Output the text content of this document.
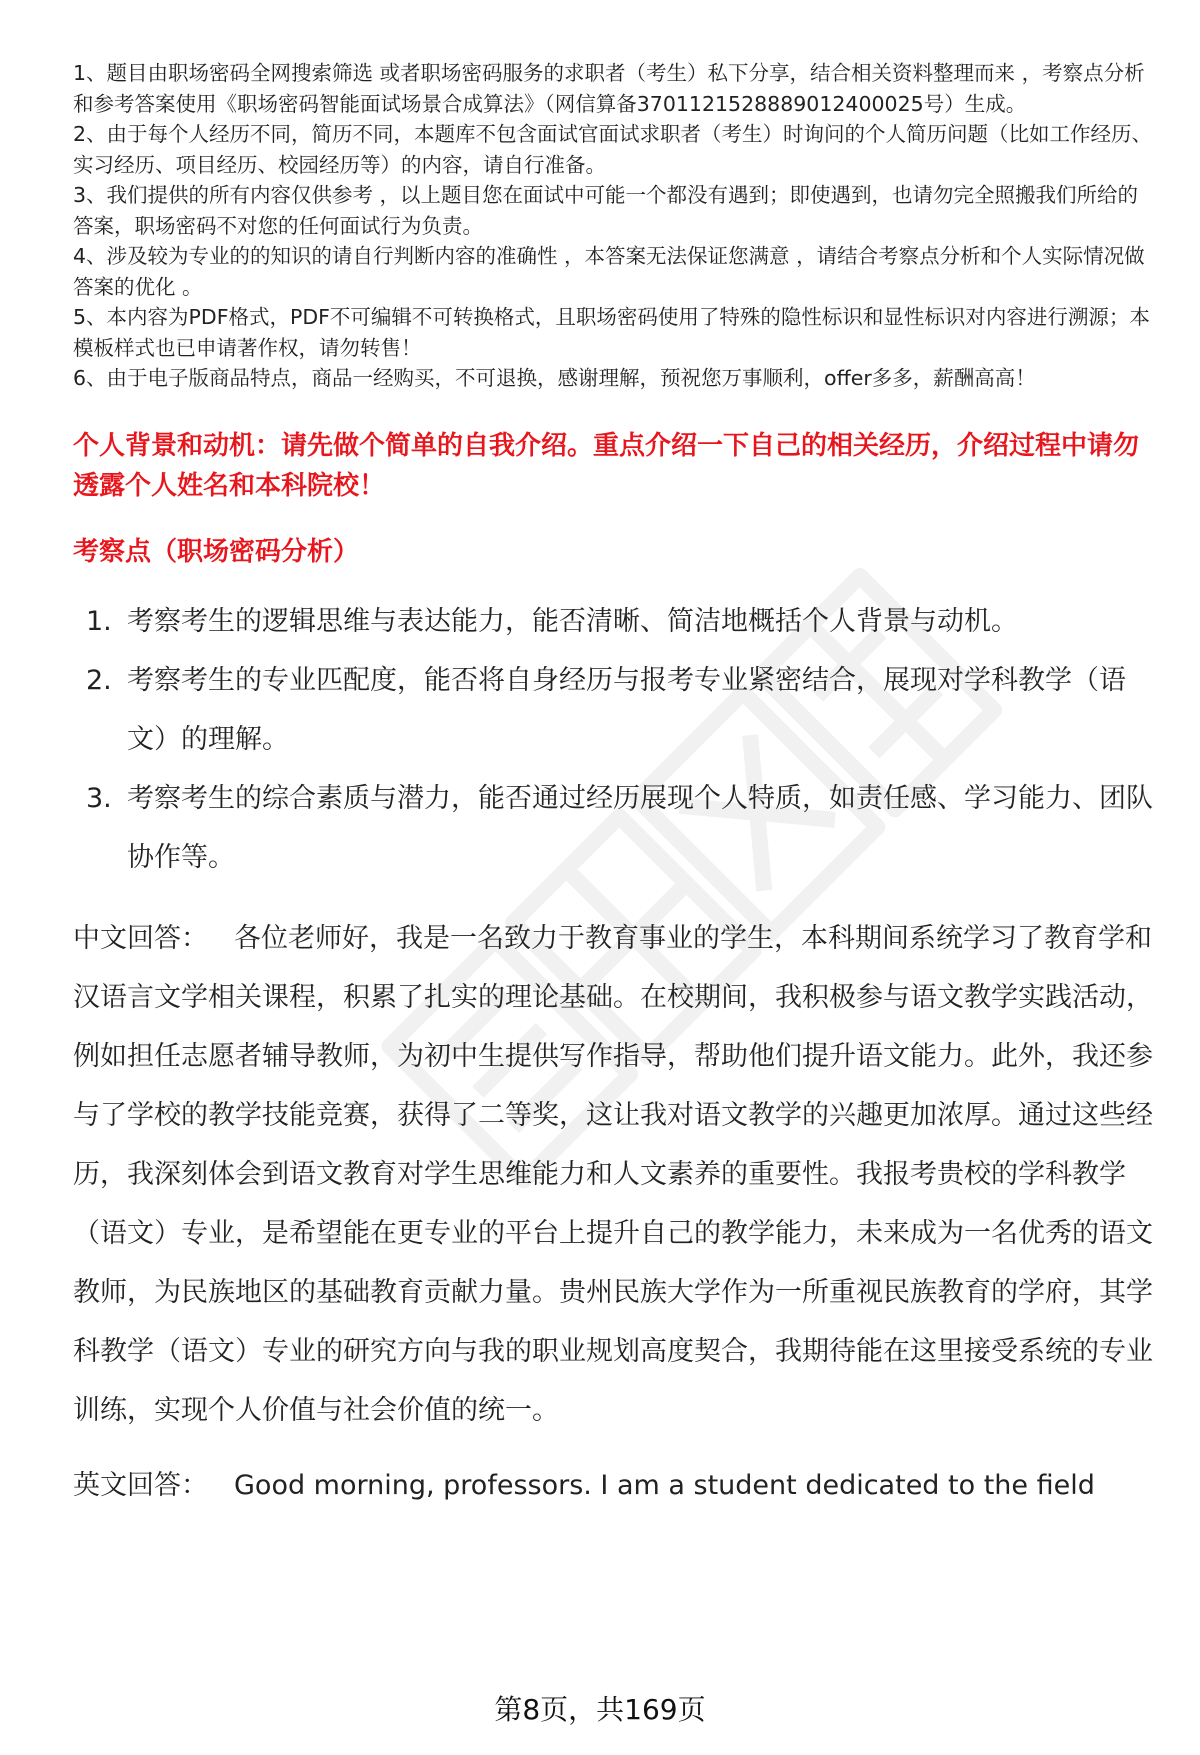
1、题目由职场密码全网搜索筛选 或者职场密码服务的求职者（考生）私下分享，结合相关资料整理而来 ，考察点分析和参考答案使用《职场密码智能面试场景合成算法》（网信算备3701121528889012400025号）生成。

2、由于每个人经历不同，简历不同，本题库不包含面试官面试求职者（考生）时询问的个人简历问题（比如工作经历、实习经历、项目经历、校园经历等）的内容，请自行准备。

3、我们提供的所有内容仅供参考 ，以上题目您在面试中可能一个都没有遇到；即使遇到，也请勿完全照搬我们所给的答案，职场密码不对您的任何面试行为负责。

4、涉及较为专业的的知识的请自行判断内容的准确性 ，本答案无法保证您满意 ，请结合考察点分析和个人实际情况做答案的优化 。

5、本内容为PDF格式，PDF不可编辑不可转换格式，且职场密码使用了特殊的隐性标识和显性标识对内容进行溯源；本模板样式也已申请著作权，请勿转售！

6、由于电子版商品特点，商品一经购买，不可退换，感谢理解，预祝您万事顺利，offer多多，薪酬高高！

个人背景和动机：请先做个简单的自我介绍。重点介绍一下自己的相关经历，介绍过程中请勿透露个人姓名和本科院校！
考察点（职场密码分析）
1. 考察考生的逻辑思维与表达能力，能否清晰、简洁地概括个人背景与动机。
2. 考察考生的专业匹配度，能否将自身经历与报考专业紧密结合，展现对学科教学（语文）的理解。
3. 考察考生的综合素质与潜力，能否通过经历展现个人特质，如责任感、学习能力、团队协作等。
中文回答： 各位老师好，我是一名致力于教育事业的学生，本科期间系统学习了教育学和汉语言文学相关课程，积累了扎实的理论基础。在校期间，我积极参与语文教学实践活动，例如担任志愿者辅导教师，为初中生提供写作指导，帮助他们提升语文能力。此外，我还参与了学校的教学技能竞赛，获得了二等奖，这让我对语文教学的兴趣更加浓厚。通过这些经历，我深刻体会到语文教育对学生思维能力和人文素养的重要性。我报考贵校的学科教学（语文）专业，是希望能在更专业的平台上提升自己的教学能力，未来成为一名优秀的语文教师，为民族地区的基础教育贡献力量。贵州民族大学作为一所重视民族教育的学府，其学科教学（语文）专业的研究方向与我的职业规划高度契合，我期待能在这里接受系统的专业训练，实现个人价值与社会价值的统一。
英文回答： Good morning, professors. I am a student dedicated to the field
第8页，共169页
